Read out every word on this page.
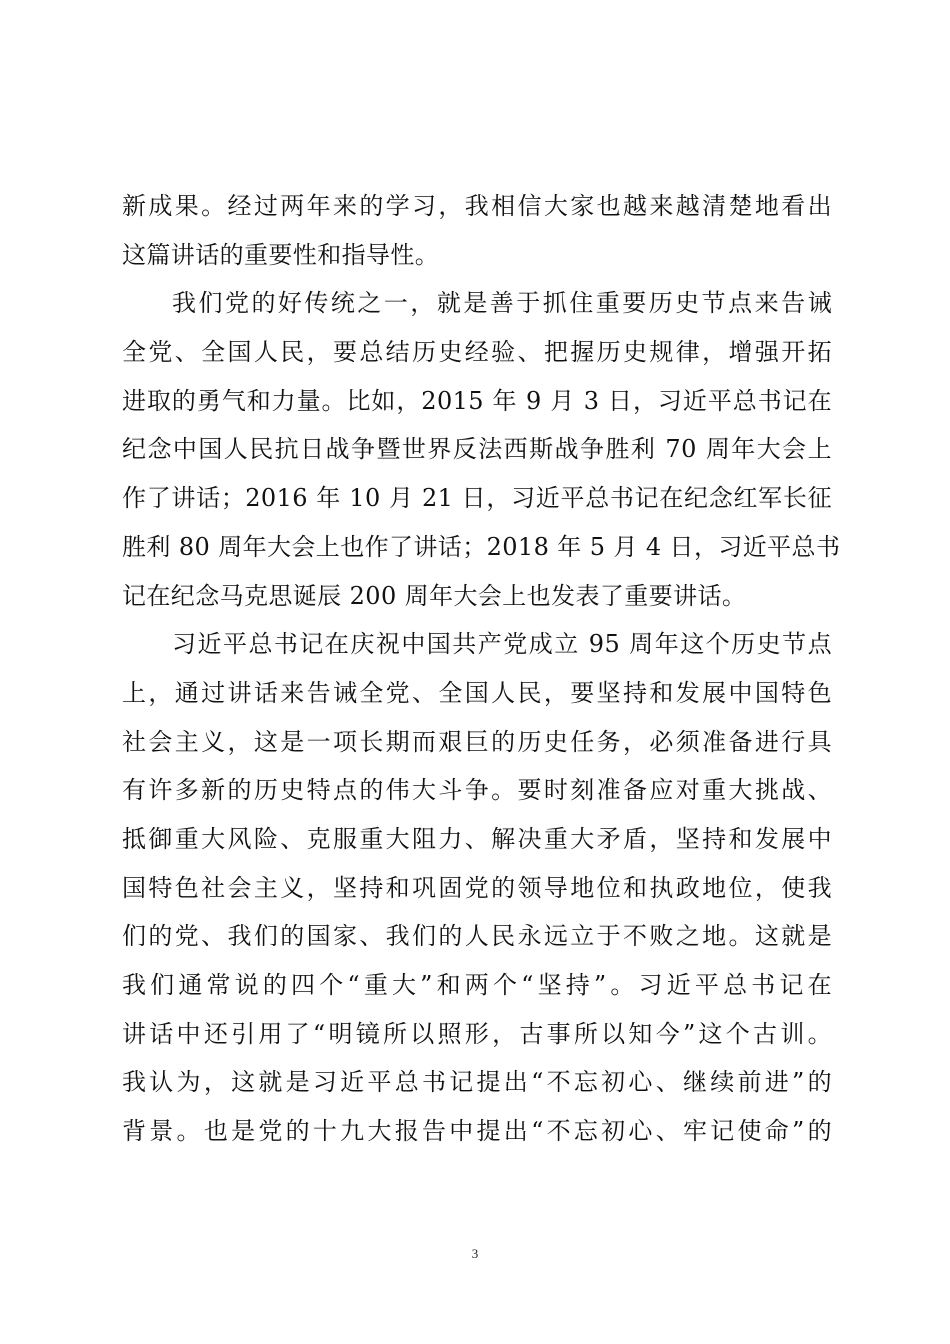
新成果。经过两年来的学习，我相信大家也越来越清楚地看出
这篇讲话的重要性和指导性。
我们党的好传统之一，就是善于抓住重要历史节点来告诫
全党、全国人民，要总结历史经验、把握历史规律，增强开拓
进取的勇气和力量。比如，2015 年 9 月 3 日，习近平总书记在
纪念中国人民抗日战争暨世界反法西斯战争胜利 70 周年大会上
作了讲话；2016 年 10 月 21 日，习近平总书记在纪念红军长征
胜利 80 周年大会上也作了讲话；2018 年 5 月 4 日，习近平总书
记在纪念马克思诞辰 200 周年大会上也发表了重要讲话。
习近平总书记在庆祝中国共产党成立 95 周年这个历史节点
上，通过讲话来告诫全党、全国人民，要坚持和发展中国特色
社会主义，这是一项长期而艰巨的历史任务，必须准备进行具
有许多新的历史特点的伟大斗争。要时刻准备应对重大挑战、
抵御重大风险、克服重大阻力、解决重大矛盾，坚持和发展中
国特色社会主义，坚持和巩固党的领导地位和执政地位，使我
们的党、我们的国家、我们的人民永远立于不败之地。这就是
我们通常说的四个“重大”和两个“坚持”。习近平总书记在
讲话中还引用了“明镜所以照形，古事所以知今”这个古训。
我认为，这就是习近平总书记提出“不忘初心、继续前进”的
背景。也是党的十九大报告中提出“不忘初心、牢记使命”的
3
